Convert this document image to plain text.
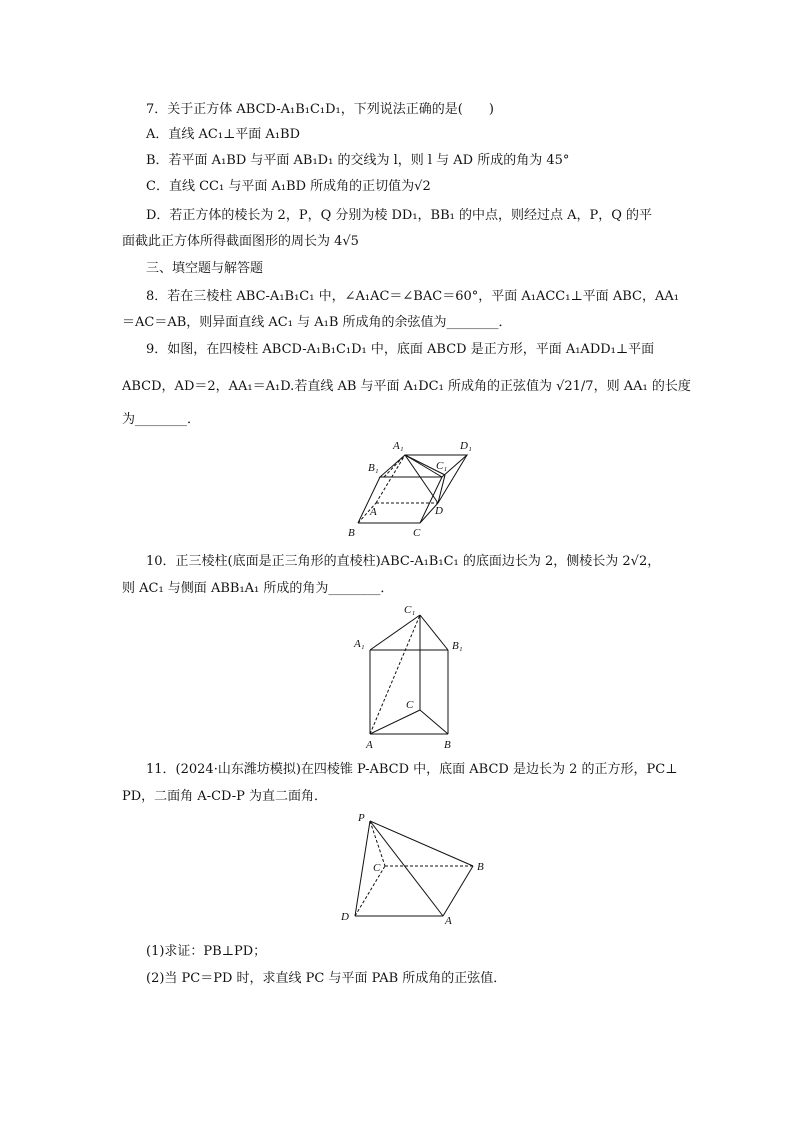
7．关于正方体 ABCD-A₁B₁C₁D₁，下列说法正确的是(　　)
A．直线 AC₁⊥平面 A₁BD
B．若平面 A₁BD 与平面 AB₁D₁ 的交线为 l，则 l 与 AD 所成的角为 45°
C．直线 CC₁ 与平面 A₁BD 所成角的正切值为√2
D．若正方体的棱长为 2，P，Q 分别为棱 DD₁，BB₁ 的中点，则经过点 A，P，Q 的平
面截此正方体所得截面图形的周长为 4√5
三、填空题与解答题
8．若在三棱柱 ABC-A₁B₁C₁ 中，∠A₁AC＝∠BAC＝60°，平面 A₁ACC₁⊥平面 ABC，AA₁
＝AC＝AB，则异面直线 AC₁ 与 A₁B 所成角的余弦值为________．
9．如图，在四棱柱 ABCD-A₁B₁C₁D₁ 中，底面 ABCD 是正方形，平面 A₁ADD₁⊥平面
ABCD，AD＝2，AA₁＝A₁D.若直线 AB 与平面 A₁DC₁ 所成角的正弦值为 √21/7，则 AA₁ 的长度
为________．
A₁	D₁
B₁	C₁
A	D
B	C
10．正三棱柱(底面是正三角形的直棱柱)ABC-A₁B₁C₁ 的底面边长为 2，侧棱长为 2√2，
则 AC₁ 与侧面 ABB₁A₁ 所成的角为________．
C₁
A₁	B₁
C
A	B
11．(2024·山东潍坊模拟)在四棱锥 P-ABCD 中，底面 ABCD 是边长为 2 的正方形，PC⊥
PD，二面角 A-CD-P 为直二面角．
P
C	B
D	A
(1)求证：PB⊥PD；
(2)当 PC＝PD 时，求直线 PC 与平面 PAB 所成角的正弦值．
